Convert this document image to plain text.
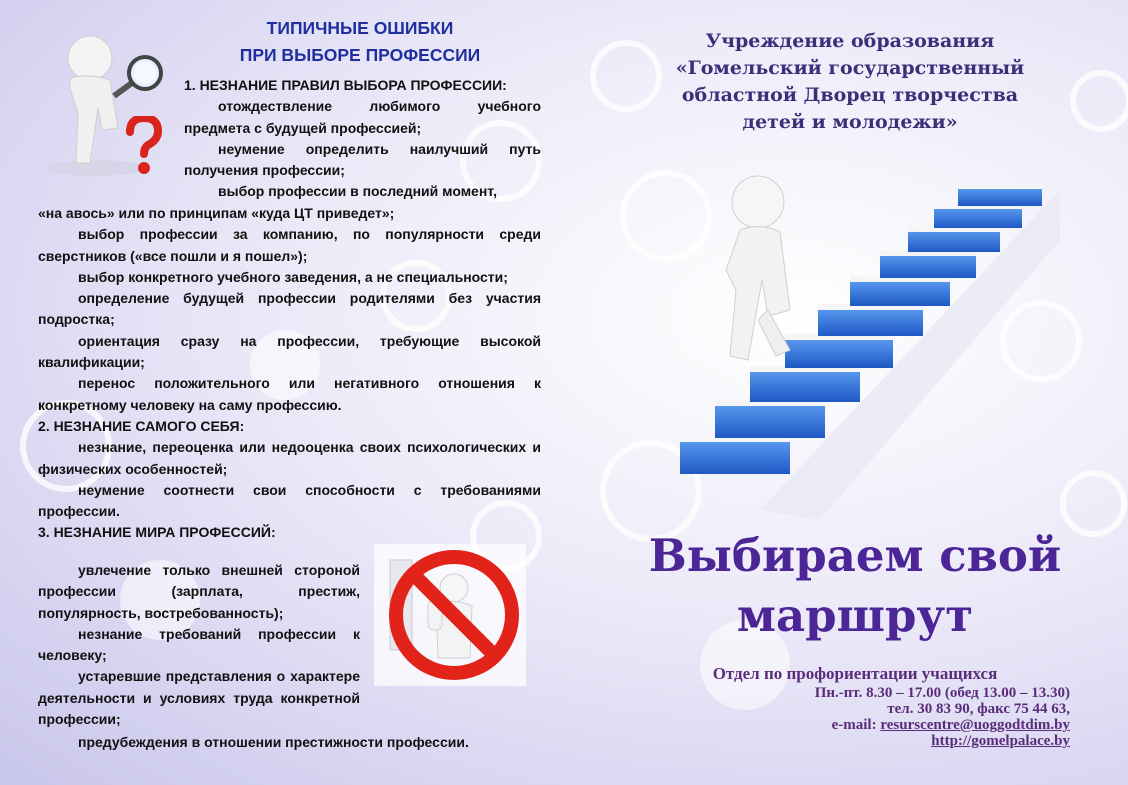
ТИПИЧНЫЕ ОШИБКИ
ПРИ ВЫБОРЕ ПРОФЕССИИ

1. НЕЗНАНИЕ ПРАВИЛ ВЫБОРА ПРОФЕССИИ:

отождествление любимого учебного предмета с будущей профессией;

неумение определить наилучший путь получения профессии;

выбор профессии в последний момент,

«на авось» или по принципам «куда ЦТ приведет»;

выбор профессии за компанию, по популярности среди сверстников («все пошли и я пошел»);

выбор конкретного учебного заведения, а не специальности;

определение будущей профессии родителями без участия подростка;

ориентация сразу на профессии, требующие высокой квалификации;

перенос положительного или негативного отношения к конкретному человеку на саму профессию.

2. НЕЗНАНИЕ САМОГО СЕБЯ:

незнание, переоценка или недооценка своих психологических и физических особенностей;

неумение соотнести свои способности с требованиями профессии.

3. НЕЗНАНИЕ МИРА ПРОФЕССИЙ:

увлечение только внешней стороной профессии (зарплата, престиж, популярность, востребованность);

незнание требований профессии к человеку;

устаревшие представления о характере деятельности и условиях труда конкретной профессии;

предубеждения в отношении престижности профессии.

Учреждение образования
«Гомельский государственный
областной Дворец творчества
детей и молодежи»
Выбираем свой
маршрут
Отдел по профориентации учащихся
Пн.-пт. 8.30 – 17.00 (обед 13.00 – 13.30)
тел. 30 83 90, факс 75 44 63,
e-mail: resurscentre@uoggodtdim.by
http://gomelpalace.by
